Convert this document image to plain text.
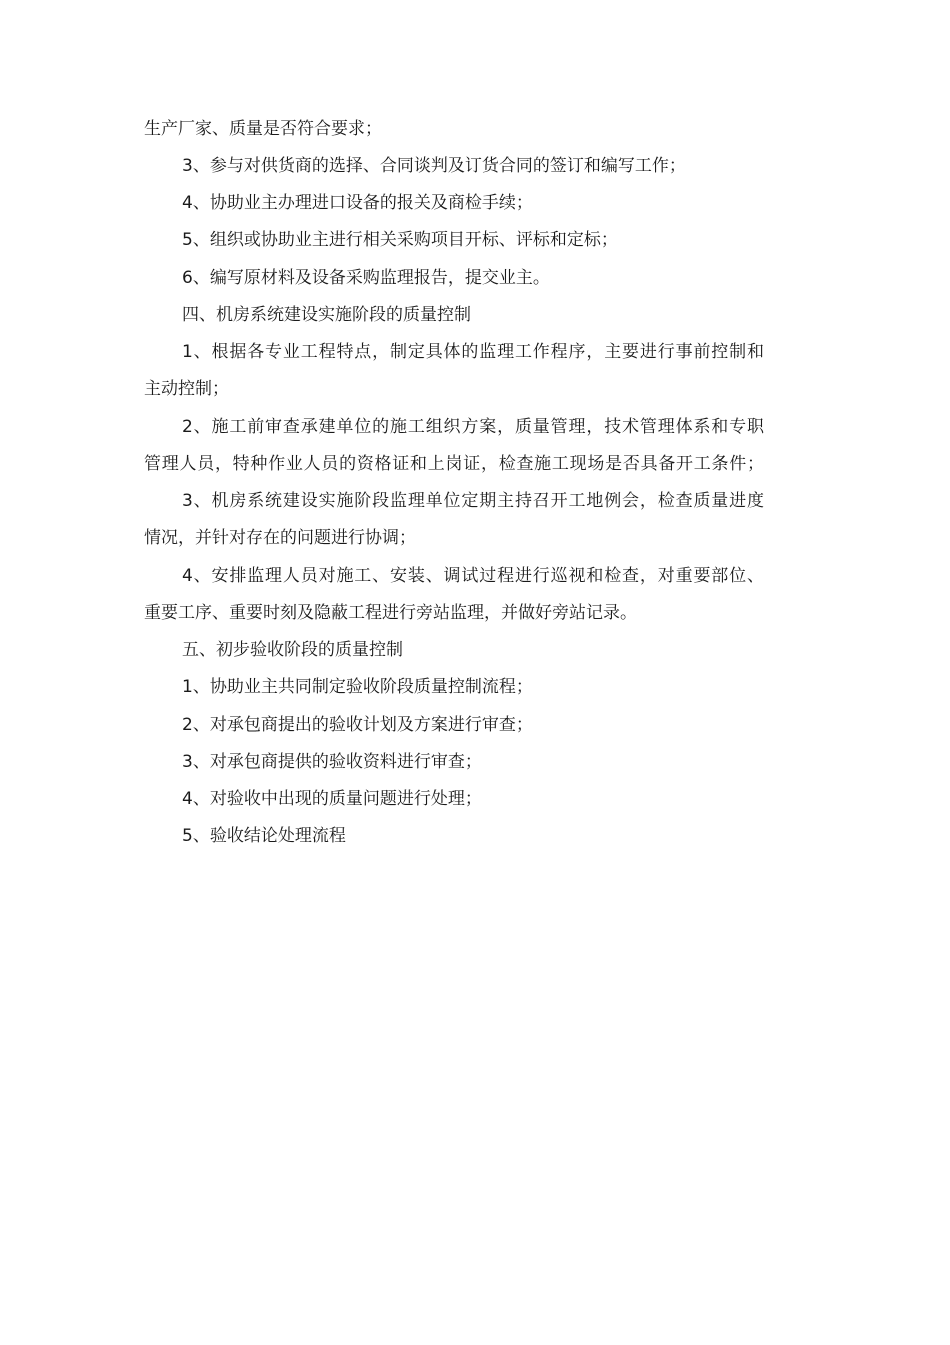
生产厂家、质量是否符合要求；
3、参与对供货商的选择、合同谈判及订货合同的签订和编写工作；
4、协助业主办理进口设备的报关及商检手续；
5、组织或协助业主进行相关采购项目开标、评标和定标；
6、编写原材料及设备采购监理报告，提交业主。
四、机房系统建设实施阶段的质量控制
1、根据各专业工程特点，制定具体的监理工作程序，主要进行事前控制和
主动控制；
2、施工前审查承建单位的施工组织方案，质量管理，技术管理体系和专职
管理人员，特种作业人员的资格证和上岗证，检查施工现场是否具备开工条件；
3、机房系统建设实施阶段监理单位定期主持召开工地例会，检查质量进度
情况，并针对存在的问题进行协调；
4、安排监理人员对施工、安装、调试过程进行巡视和检查，对重要部位、
重要工序、重要时刻及隐蔽工程进行旁站监理，并做好旁站记录。
五、初步验收阶段的质量控制
1、协助业主共同制定验收阶段质量控制流程；
2、对承包商提出的验收计划及方案进行审查；
3、对承包商提供的验收资料进行审查；
4、对验收中出现的质量问题进行处理；
5、验收结论处理流程
